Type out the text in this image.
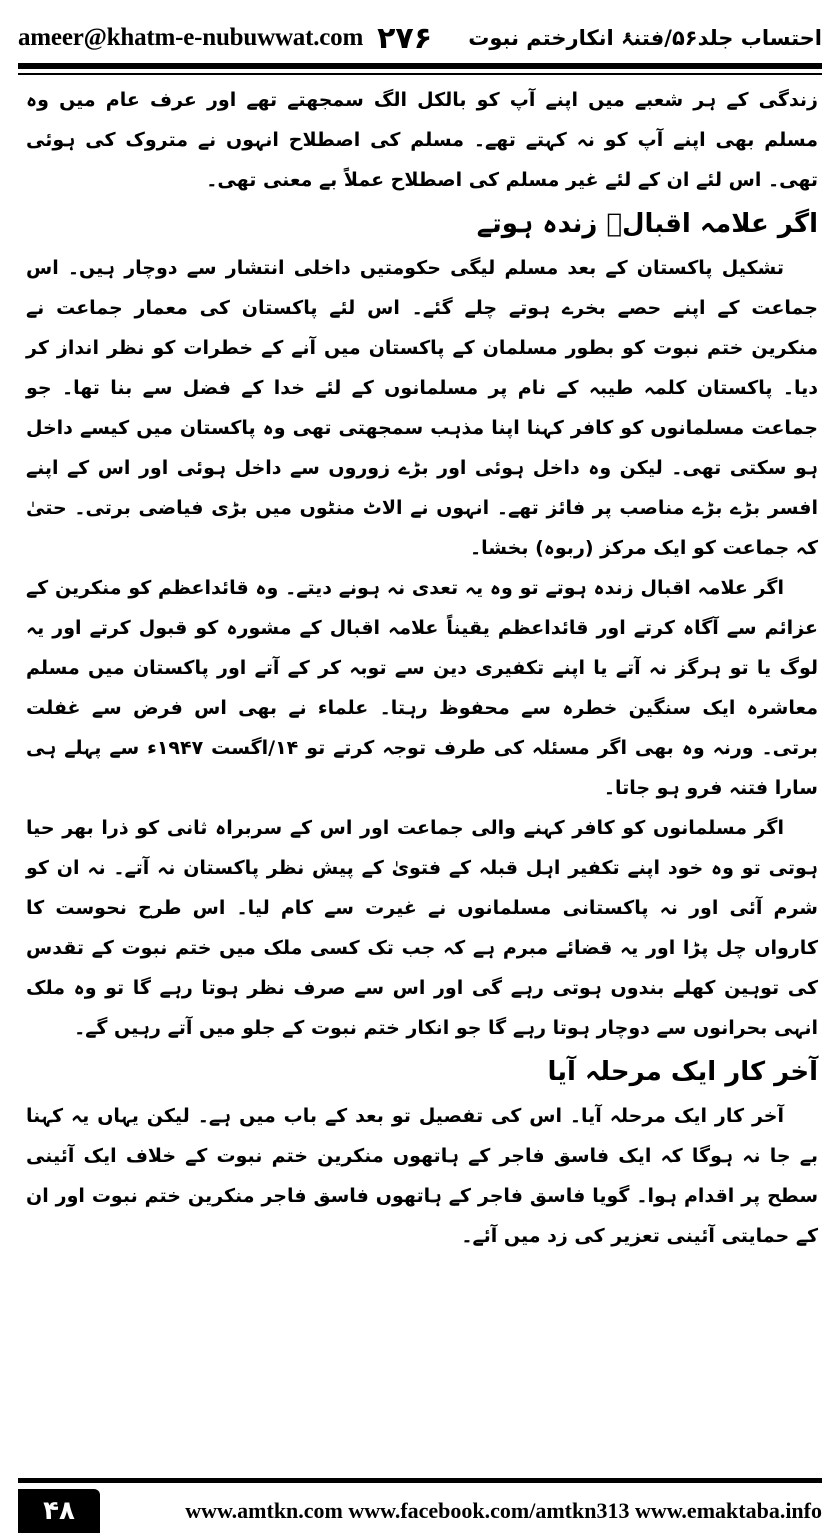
ameer@khatm-e-nubuwwat.com ۲۷۶ احتساب جلد۵۶/فتنۂ انکارختم نبوت

زندگی کے ہر شعبے میں اپنے آپ کو بالکل الگ سمجھتے تھے اور عرف عام میں وہ مسلم بھی اپنے آپ کو نہ کہتے تھے۔ مسلم کی اصطلاح انہوں نے متروک کی ہوئی تھی۔ اس لئے ان کے لئے غیر مسلم کی اصطلاح عملاً بے معنی تھی۔

اگر علامہ اقبالؒ زندہ ہوتے

تشکیل پاکستان کے بعد مسلم لیگی حکومتیں داخلی انتشار سے دوچار ہیں۔ اس جماعت کے اپنے حصے بخرے ہوتے چلے گئے۔ اس لئے پاکستان کی معمار جماعت نے منکرین ختم نبوت کو بطور مسلمان کے پاکستان میں آنے کے خطرات کو نظر انداز کر دیا۔ پاکستان کلمہ طیبہ کے نام پر مسلمانوں کے لئے خدا کے فضل سے بنا تھا۔ جو جماعت مسلمانوں کو کافر کہنا اپنا مذہب سمجھتی تھی وہ پاکستان میں کیسے داخل ہو سکتی تھی۔ لیکن وہ داخل ہوئی اور بڑے زوروں سے داخل ہوئی اور اس کے اپنے افسر بڑے بڑے مناصب پر فائز تھے۔ انہوں نے الاٹ منٹوں میں بڑی فیاضی برتی۔ حتیٰ کہ جماعت کو ایک مرکز (ربوہ) بخشا۔

اگر علامہ اقبال زندہ ہوتے تو وہ یہ تعدی نہ ہونے دیتے۔ وہ قائداعظم کو منکرین کے عزائم سے آگاہ کرتے اور قائداعظم یقیناً علامہ اقبال کے مشورہ کو قبول کرتے اور یہ لوگ یا تو ہرگز نہ آتے یا اپنے تکفیری دین سے توبہ کر کے آتے اور پاکستان میں مسلم معاشرہ ایک سنگین خطرہ سے محفوظ رہتا۔ علماء نے بھی اس فرض سے غفلت برتی۔ ورنہ وہ بھی اگر مسئلہ کی طرف توجہ کرتے تو ۱۴/اگست ۱۹۴۷ء سے پہلے ہی سارا فتنہ فرو ہو جاتا۔

اگر مسلمانوں کو کافر کہنے والی جماعت اور اس کے سربراہ ثانی کو ذرا بھر حیا ہوتی تو وہ خود اپنے تکفیر اہل قبلہ کے فتویٰ کے پیش نظر پاکستان نہ آتے۔ نہ ان کو شرم آئی اور نہ پاکستانی مسلمانوں نے غیرت سے کام لیا۔ اس طرح نحوست کا کارواں چل پڑا اور یہ قضائے مبرم ہے کہ جب تک کسی ملک میں ختم نبوت کے تقدس کی توہین کھلے بندوں ہوتی رہے گی اور اس سے صرف نظر ہوتا رہے گا تو وہ ملک انہی بحرانوں سے دوچار ہوتا رہے گا جو انکار ختم نبوت کے جلو میں آتے رہیں گے۔

آخر کار ایک مرحلہ آیا

آخر کار ایک مرحلہ آیا۔ اس کی تفصیل تو بعد کے باب میں ہے۔ لیکن یہاں یہ کہنا بے جا نہ ہوگا کہ ایک فاسق فاجر کے ہاتھوں منکرین ختم نبوت کے خلاف ایک آئینی سطح پر اقدام ہوا۔ گویا فاسق فاجر کے ہاتھوں فاسق فاجر منکرین ختم نبوت اور ان کے حمایتی آئینی تعزیر کی زد میں آئے۔

۴۸	www.amtkn.com www.facebook.com/amtkn313 www.emaktaba.info
